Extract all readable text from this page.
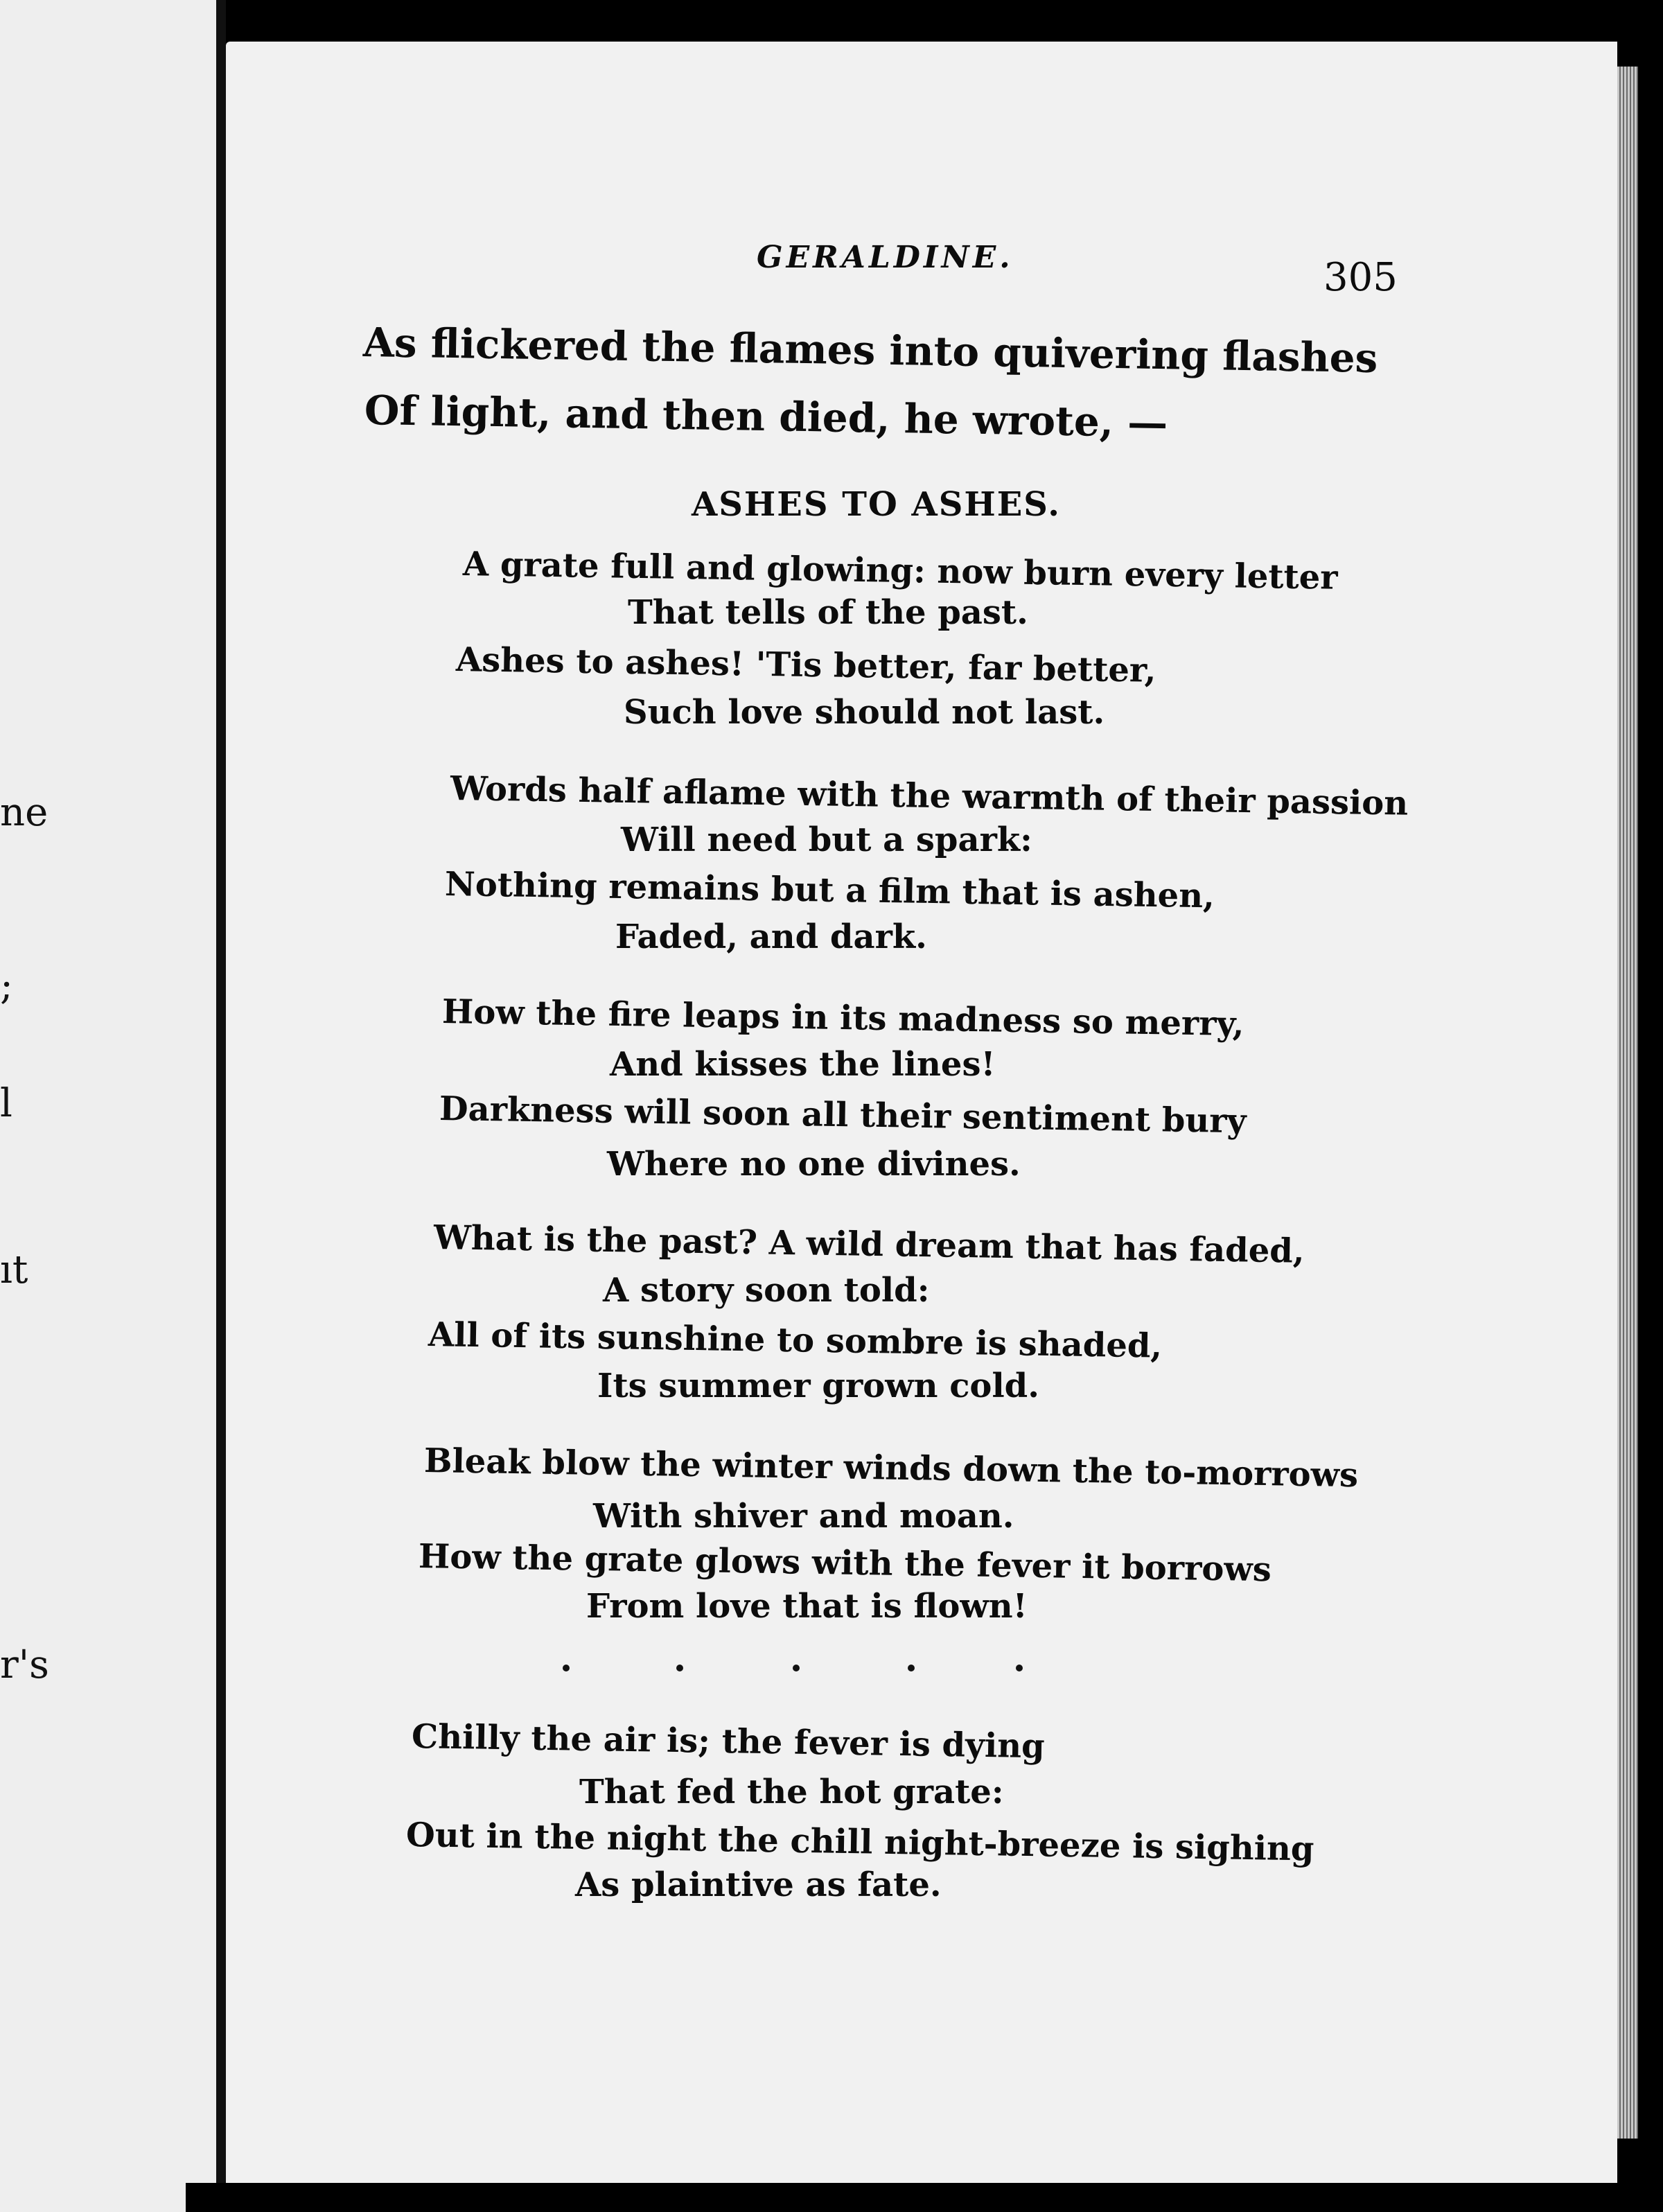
ne
;
l
ıt
r's
GERALDINE.	305
As flickered the flames into quivering flashes
Of light, and then died, he wrote, —
ASHES TO ASHES.
A grate full and glowing: now burn every letter
That tells of the past.
Ashes to ashes! 'Tis better, far better,
Such love should not last.
Words half aflame with the warmth of their passion
Will need but a spark:
Nothing remains but a film that is ashen,
Faded, and dark.
How the fire leaps in its madness so merry,
And kisses the lines!
Darkness will soon all their sentiment bury
Where no one divines.
What is the past? A wild dream that has faded,
A story soon told:
All of its sunshine to sombre is shaded,
Its summer grown cold.
Bleak blow the winter winds down the to-morrows
With shiver and moan.
How the grate glows with the fever it borrows
From love that is flown!
Chilly the air is; the fever is dying
That fed the hot grate:
Out in the night the chill night-breeze is sighing
As plaintive as fate.
